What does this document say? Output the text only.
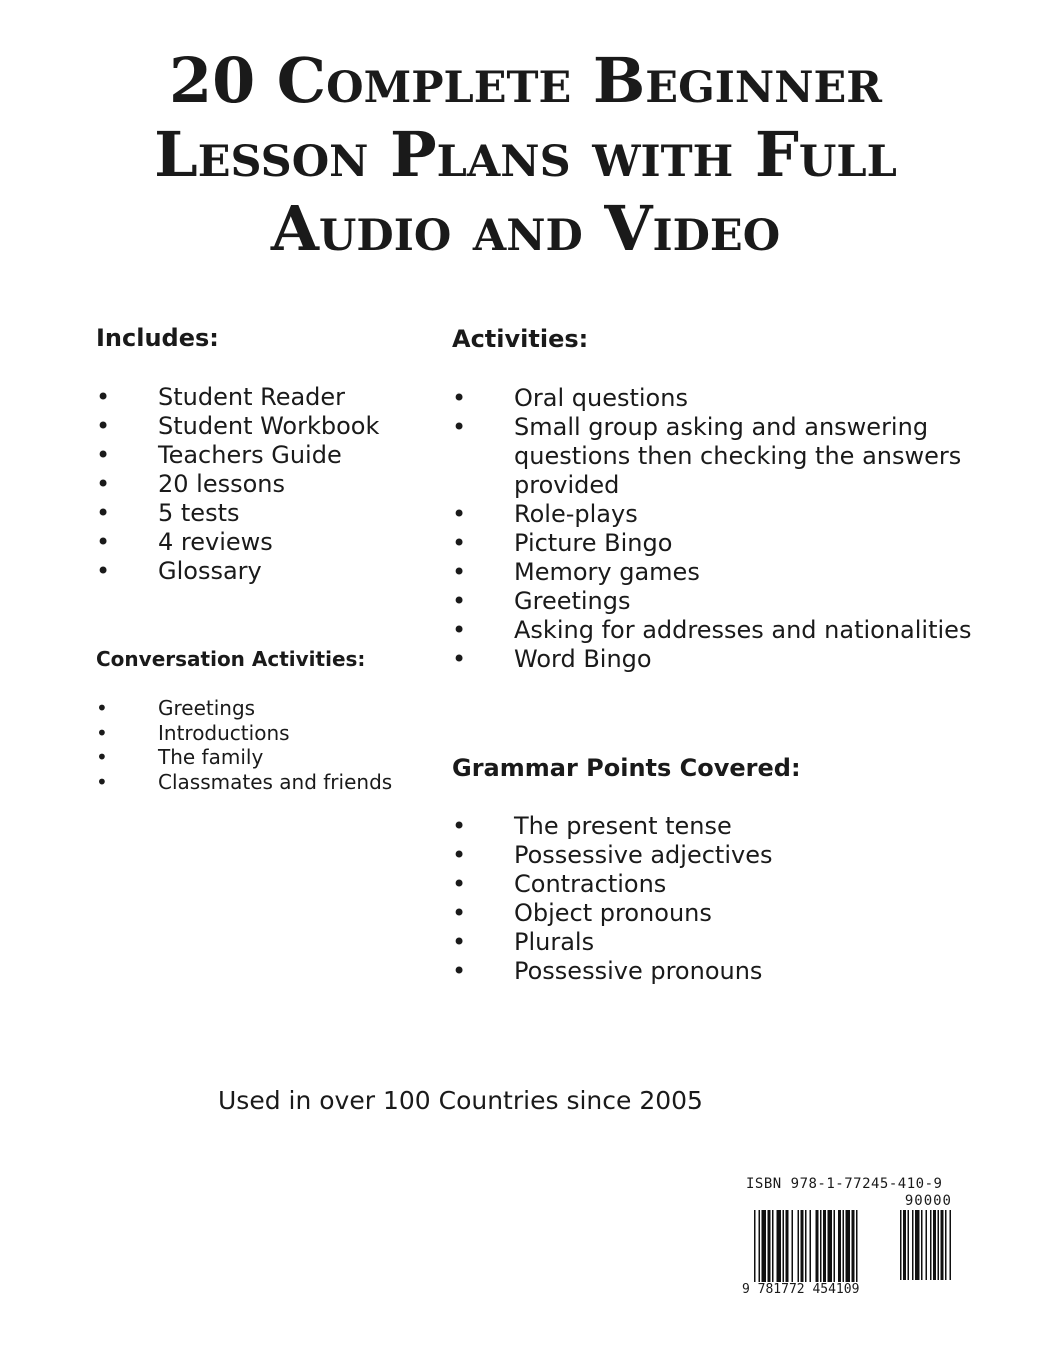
20 Complete Beginner
Lesson Plans with Full
Audio and Video

Includes:

• Student Reader
• Student Workbook
• Teachers Guide
• 20 lessons
• 5 tests
• 4 reviews
• Glossary

Conversation Activities:

•	Greetings
•	Introductions
•	The family
•	Classmates and friends

Activities:

• Oral questions
• Small group asking and answering questions then checking the answers provided
• Role-plays
• Picture Bingo
• Memory games
• Greetings
• Asking for addresses and nationalities
• Word Bingo

Grammar Points Covered:

• The present tense
• Possessive adjectives
• Contractions
• Object pronouns
• Plurals
• Possessive pronouns

Used in over 100 Countries since 2005

ISBN 978-1-77245-410-9
90000
9 781772 454109
